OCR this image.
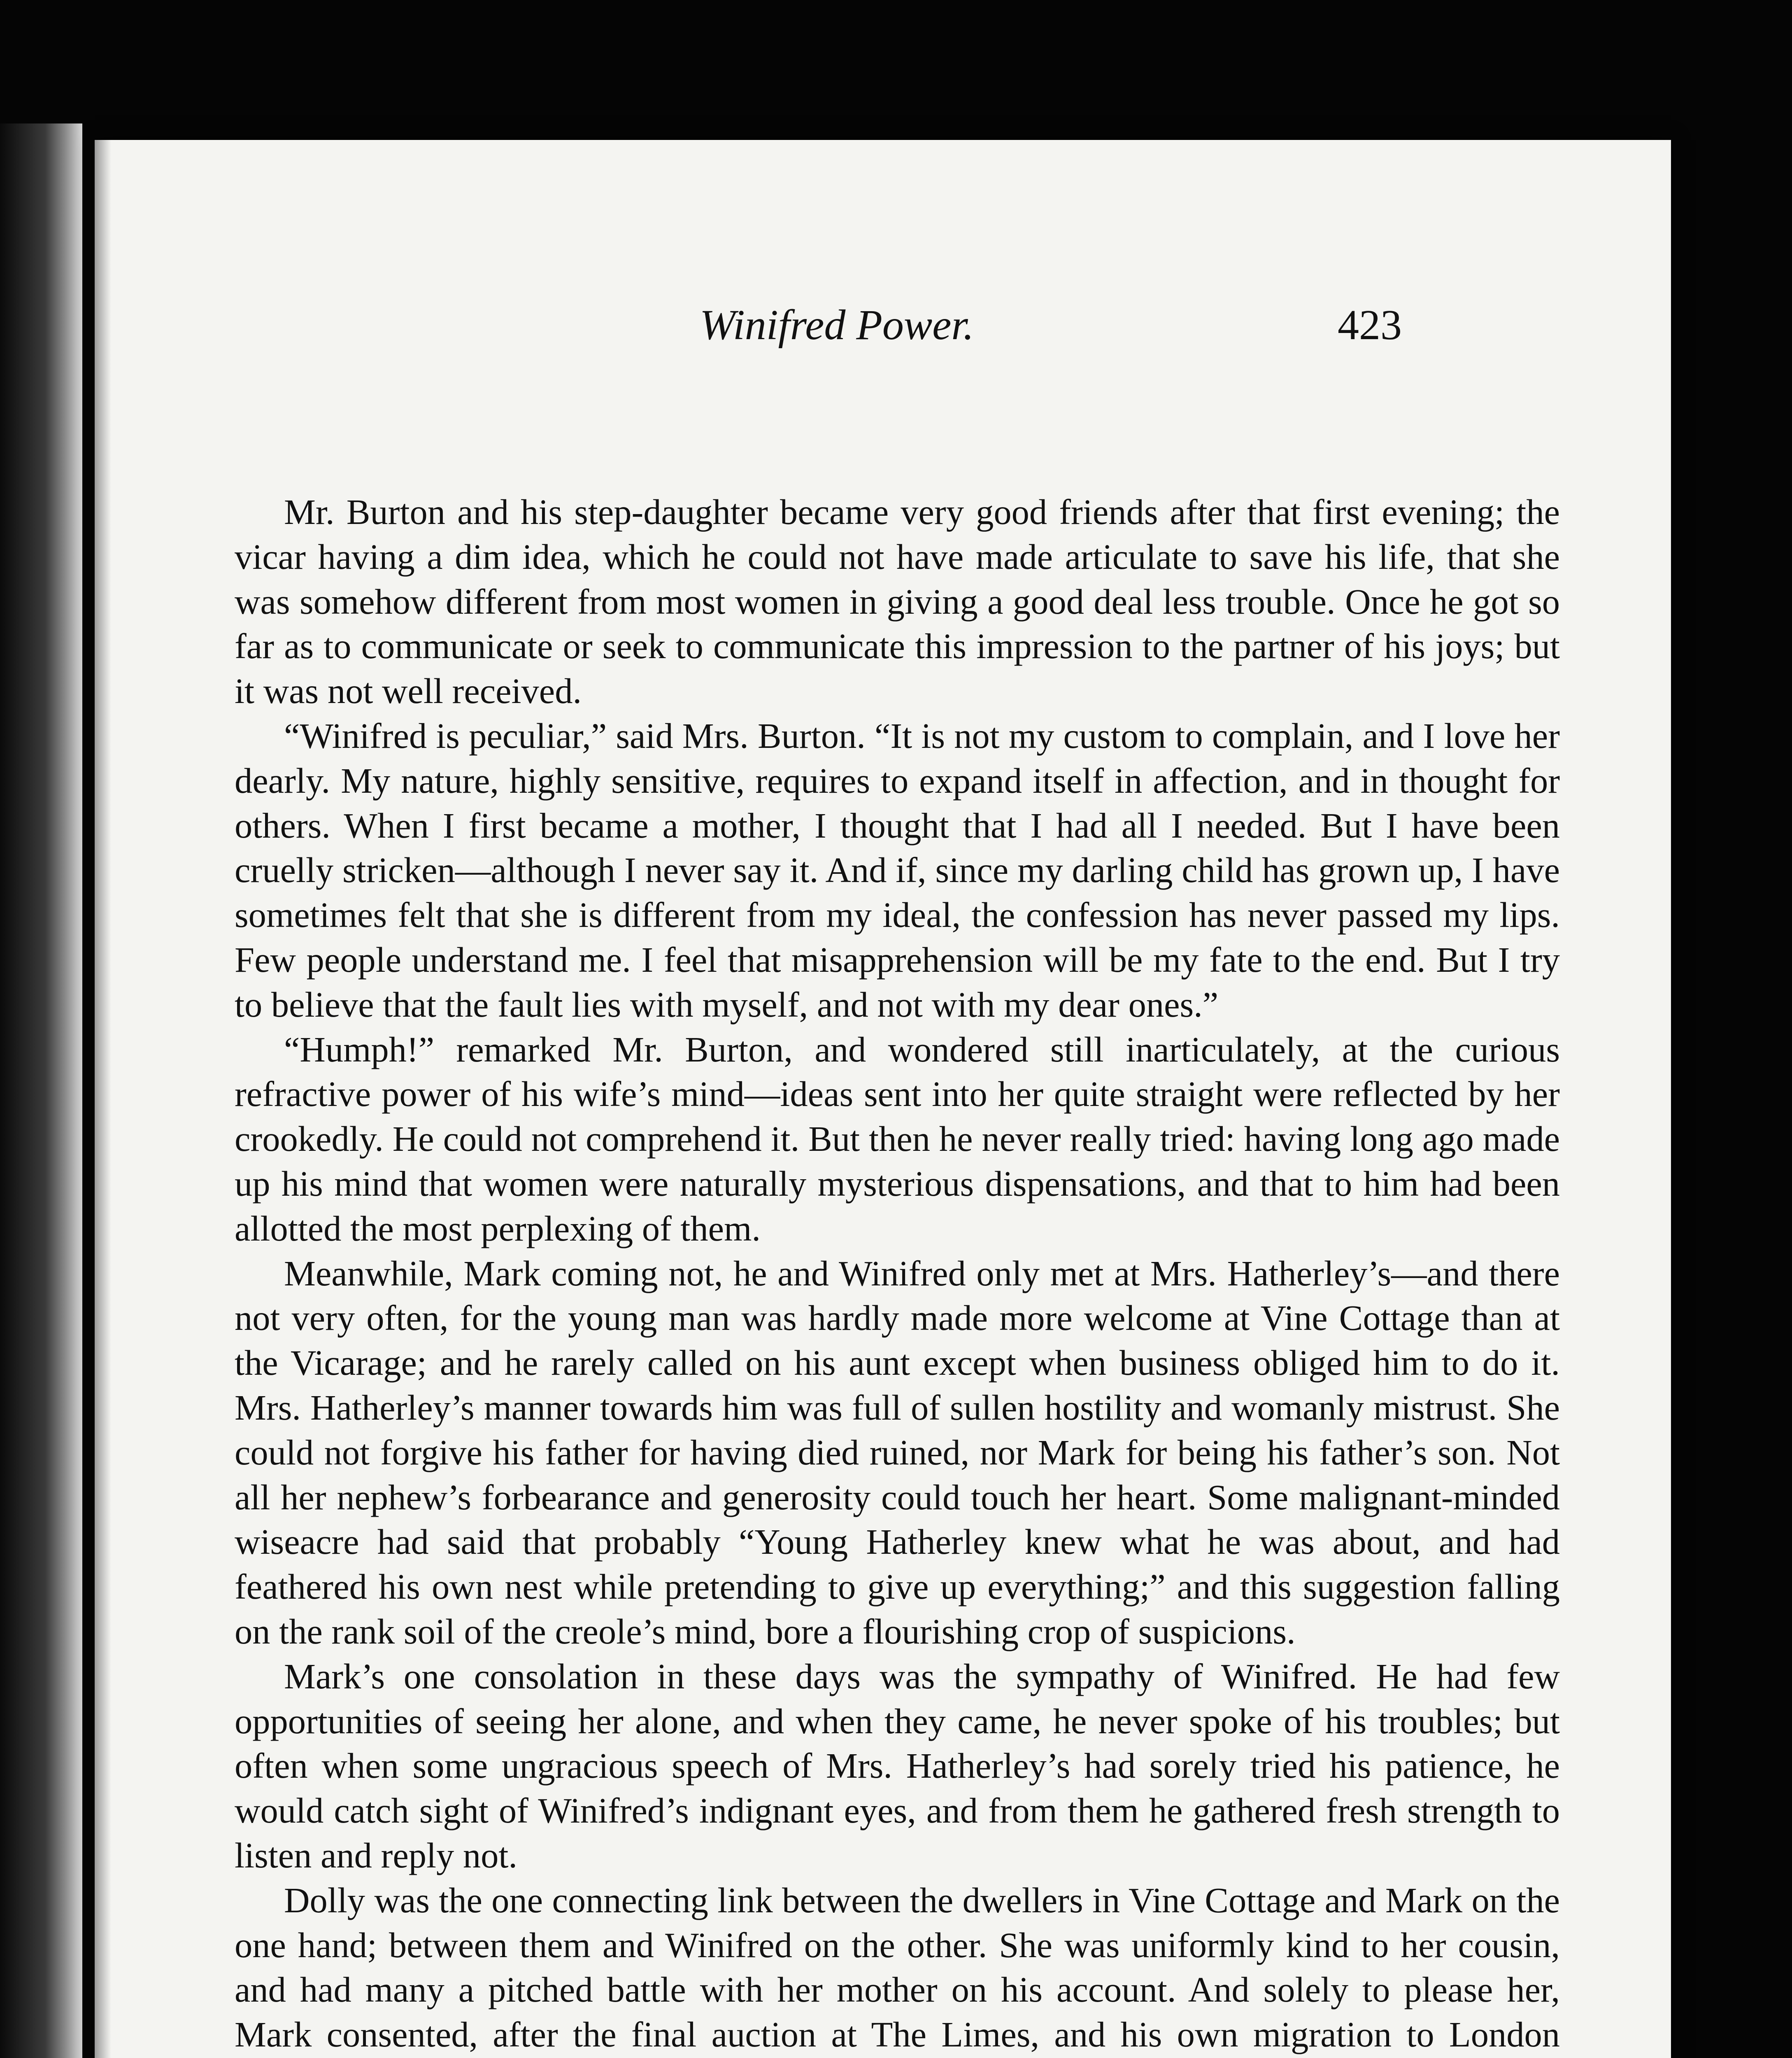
Winifred Power.	423

Mr. Burton and his step-daughter became very good friends after that first evening; the vicar having a dim idea, which he could not have made articulate to save his life, that she was somehow different from most women in giving a good deal less trouble. Once he got so far as to communicate or seek to communicate this impression to the partner of his joys; but it was not well received.

“Winifred is peculiar,” said Mrs. Burton. “It is not my custom to complain, and I love her dearly. My nature, highly sensitive, requires to expand itself in affection, and in thought for others. When I first became a mother, I thought that I had all I needed. But I have been cruelly stricken—although I never say it. And if, since my darling child has grown up, I have sometimes felt that she is different from my ideal, the confession has never passed my lips. Few people understand me. I feel that misapprehension will be my fate to the end. But I try to believe that the fault lies with myself, and not with my dear ones.”

“Humph!” remarked Mr. Burton, and wondered still inarticulately, at the curious refractive power of his wife’s mind—ideas sent into her quite straight were reflected by her crookedly. He could not comprehend it. But then he never really tried: having long ago made up his mind that women were naturally mysterious dispensations, and that to him had been allotted the most perplexing of them.

Meanwhile, Mark coming not, he and Winifred only met at Mrs. Hatherley’s—and there not very often, for the young man was hardly made more welcome at Vine Cottage than at the Vicarage; and he rarely called on his aunt except when business obliged him to do it. Mrs. Hatherley’s manner towards him was full of sullen hostility and womanly mistrust. She could not forgive his father for having died ruined, nor Mark for being his father’s son. Not all her nephew’s forbearance and generosity could touch her heart. Some malignant-minded wiseacre had said that probably “Young Hatherley knew what he was about, and had feathered his own nest while pretending to give up everything;” and this suggestion falling on the rank soil of the creole’s mind, bore a flourishing crop of suspicions.

Mark’s one consolation in these days was the sympathy of Winifred. He had few opportunities of seeing her alone, and when they came, he never spoke of his troubles; but often when some ungracious speech of Mrs. Hatherley’s had sorely tried his patience, he would catch sight of Winifred’s indignant eyes, and from them he gathered fresh strength to listen and reply not.

Dolly was the one connecting link between the dwellers in Vine Cottage and Mark on the one hand; between them and Winifred on the other. She was uniformly kind to her cousin, and had many a pitched battle with her mother on his account. And solely to please her, Mark consented, after the final auction at The Limes, and his own migration to London
